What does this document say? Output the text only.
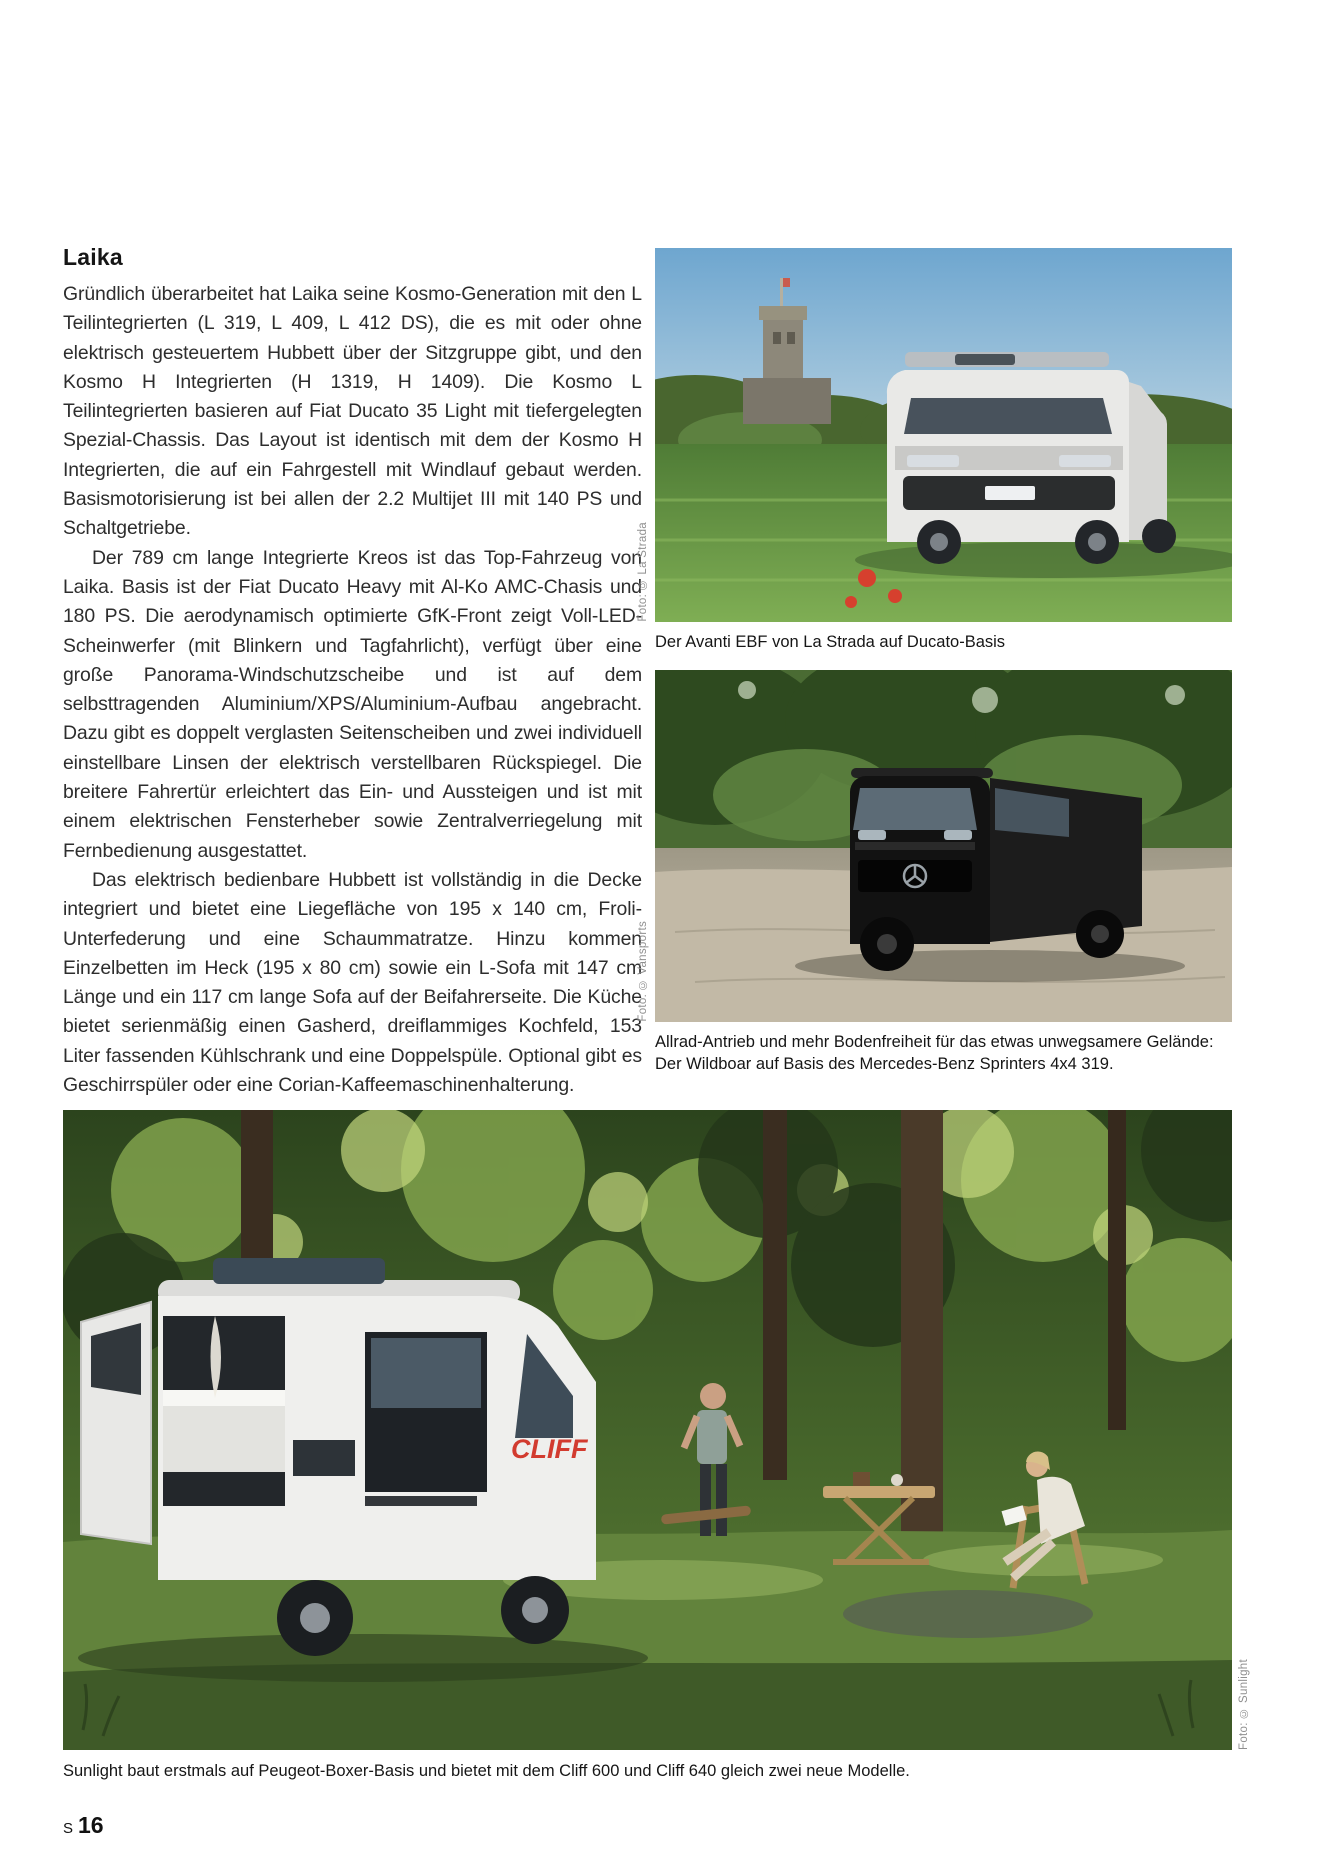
Laika

Gründlich überarbeitet hat Laika seine Kosmo-Generation mit den L Teilintegrierten (L 319, L 409, L 412 DS), die es mit oder ohne elektrisch gesteuertem Hubbett über der Sitzgruppe gibt, und den Kosmo H Integrierten (H 1319, H 1409). Die Kosmo L Teilintegrierten basieren auf Fiat Ducato 35 Light mit tiefergelegten Spezial-Chassis. Das Layout ist identisch mit dem der Kosmo H Integrierten, die auf ein Fahrgestell mit Windlauf gebaut werden. Basismotorisierung ist bei allen der 2.2 Multijet III mit 140 PS und Schaltgetriebe.

Der 789 cm lange Integrierte Kreos ist das Top-Fahrzeug von Laika. Basis ist der Fiat Ducato Heavy mit Al-Ko AMC-Chasis und 180 PS. Die aerodynamisch optimierte GfK-Front zeigt Voll-LED-Scheinwerfer (mit Blinkern und Tagfahrlicht), verfügt über eine große Panorama-Windschutzscheibe und ist auf dem selbsttragenden Aluminium/XPS/Aluminium-Aufbau angebracht. Dazu gibt es doppelt verglasten Seitenscheiben und zwei individuell einstellbare Linsen der elektrisch verstellbaren Rückspiegel. Die breitere Fahrertür erleichtert das Ein- und Aussteigen und ist mit einem elektrischen Fensterheber sowie Zentralverriegelung mit Fernbedienung ausgestattet.

Das elektrisch bedienbare Hubbett ist vollständig in die Decke integriert und bietet eine Liegefläche von 195 x 140 cm, Froli-Unterfederung und eine Schaummatratze. Hinzu kommen Einzelbetten im Heck (195 x 80 cm) sowie ein L-Sofa mit 147 cm Länge und ein 117 cm lange Sofa auf der Beifahrerseite. Die Küche bietet serienmäßig einen Gasherd, dreiflammiges Kochfeld, 153 Liter fassenden Kühlschrank und eine Doppelspüle. Optional gibt es Geschirrspüler oder eine Corian-Kaffeemaschinenhalterung.

Foto: © La Strada
Der Avanti EBF von La Strada auf Ducato-Basis
Foto: © Vansports
Allrad-Antrieb und mehr Bodenfreiheit für das etwas unwegsamere Gelände: Der Wildboar auf Basis des Mercedes-Benz Sprinters 4x4 319.
CLIFF
Foto: © Sunlight
Sunlight baut erstmals auf Peugeot-Boxer-Basis und bietet mit dem Cliff 600 und Cliff 640 gleich zwei neue Modelle.
S 16
